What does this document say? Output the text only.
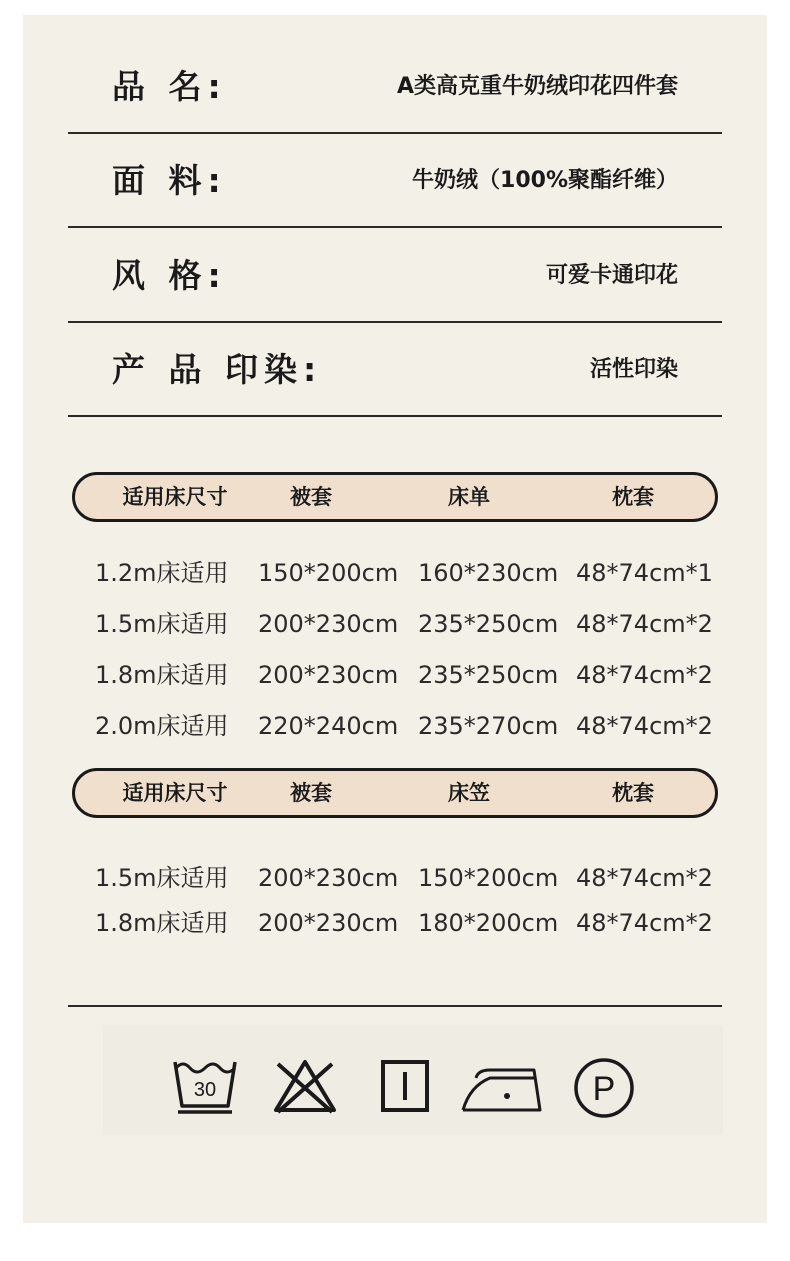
品 名:	A类高克重牛奶绒印花四件套
面 料:	牛奶绒（100%聚酯纤维）
风 格:	可爱卡通印花
产 品 印染:	活性印染
适用床尺寸	被套	床单	枕套
1.2m床适用 150*200cm 160*230cm 48*74cm*1
1.5m床适用 200*230cm 235*250cm 48*74cm*2
1.8m床适用 200*230cm 235*250cm 48*74cm*2
2.0m床适用 220*240cm 235*270cm 48*74cm*2
适用床尺寸	被套	床笠	枕套
1.5m床适用 200*230cm 150*200cm 48*74cm*2
1.8m床适用 200*230cm 180*200cm 48*74cm*2
30	P
